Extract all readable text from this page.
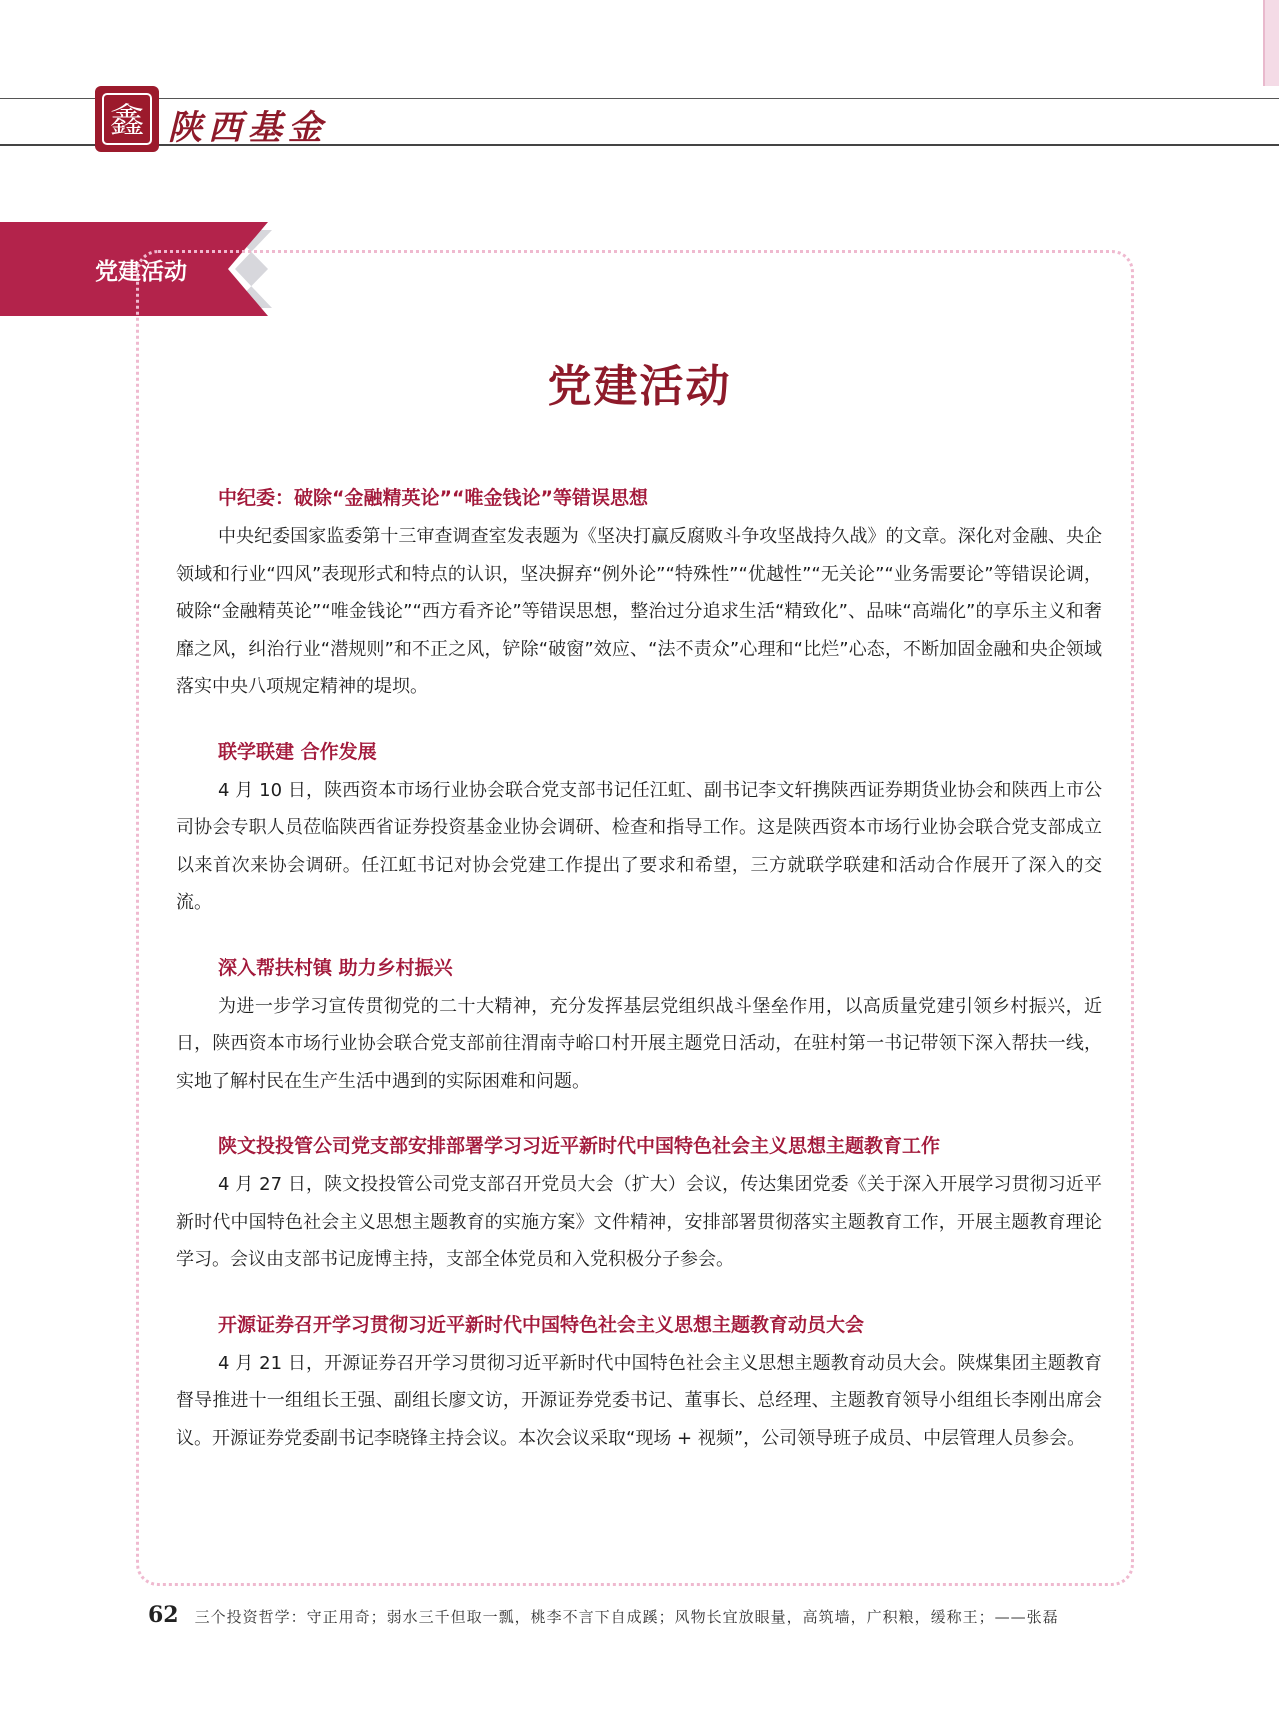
鑫 陕西基金
党建活动
党建活动
中纪委：破除“金融精英论”“唯金钱论”等错误思想

中央纪委国家监委第十三审查调查室发表题为《坚决打赢反腐败斗争攻坚战持久战》的文章。深化对金融、央企领域和行业“四风”表现形式和特点的认识，坚决摒弃“例外论”“特殊性”“优越性”“无关论”“业务需要论”等错误论调，破除“金融精英论”“唯金钱论”“西方看齐论”等错误思想，整治过分追求生活“精致化”、品味“高端化”的享乐主义和奢靡之风，纠治行业“潜规则”和不正之风，铲除“破窗”效应、“法不责众”心理和“比烂”心态，不断加固金融和央企领域落实中央八项规定精神的堤坝。

联学联建 合作发展

4 月 10 日，陕西资本市场行业协会联合党支部书记任江虹、副书记李文轩携陕西证券期货业协会和陕西上市公司协会专职人员莅临陕西省证券投资基金业协会调研、检查和指导工作。这是陕西资本市场行业协会联合党支部成立以来首次来协会调研。任江虹书记对协会党建工作提出了要求和希望，三方就联学联建和活动合作展开了深入的交流。

深入帮扶村镇 助力乡村振兴

为进一步学习宣传贯彻党的二十大精神，充分发挥基层党组织战斗堡垒作用，以高质量党建引领乡村振兴，近日，陕西资本市场行业协会联合党支部前往渭南寺峪口村开展主题党日活动，在驻村第一书记带领下深入帮扶一线，实地了解村民在生产生活中遇到的实际困难和问题。

陕文投投管公司党支部安排部署学习习近平新时代中国特色社会主义思想主题教育工作

4 月 27 日，陕文投投管公司党支部召开党员大会（扩大）会议，传达集团党委《关于深入开展学习贯彻习近平新时代中国特色社会主义思想主题教育的实施方案》文件精神，安排部署贯彻落实主题教育工作，开展主题教育理论学习。会议由支部书记庞博主持，支部全体党员和入党积极分子参会。

开源证券召开学习贯彻习近平新时代中国特色社会主义思想主题教育动员大会

4 月 21 日，开源证券召开学习贯彻习近平新时代中国特色社会主义思想主题教育动员大会。陕煤集团主题教育督导推进十一组组长王强、副组长廖文访，开源证券党委书记、董事长、总经理、主题教育领导小组组长李刚出席会议。开源证券党委副书记李晓锋主持会议。本次会议采取“现场 + 视频”，公司领导班子成员、中层管理人员参会。

62 三个投资哲学：守正用奇；弱水三千但取一瓢，桃李不言下自成蹊；风物长宜放眼量，高筑墙，广积粮，缓称王；——张磊
